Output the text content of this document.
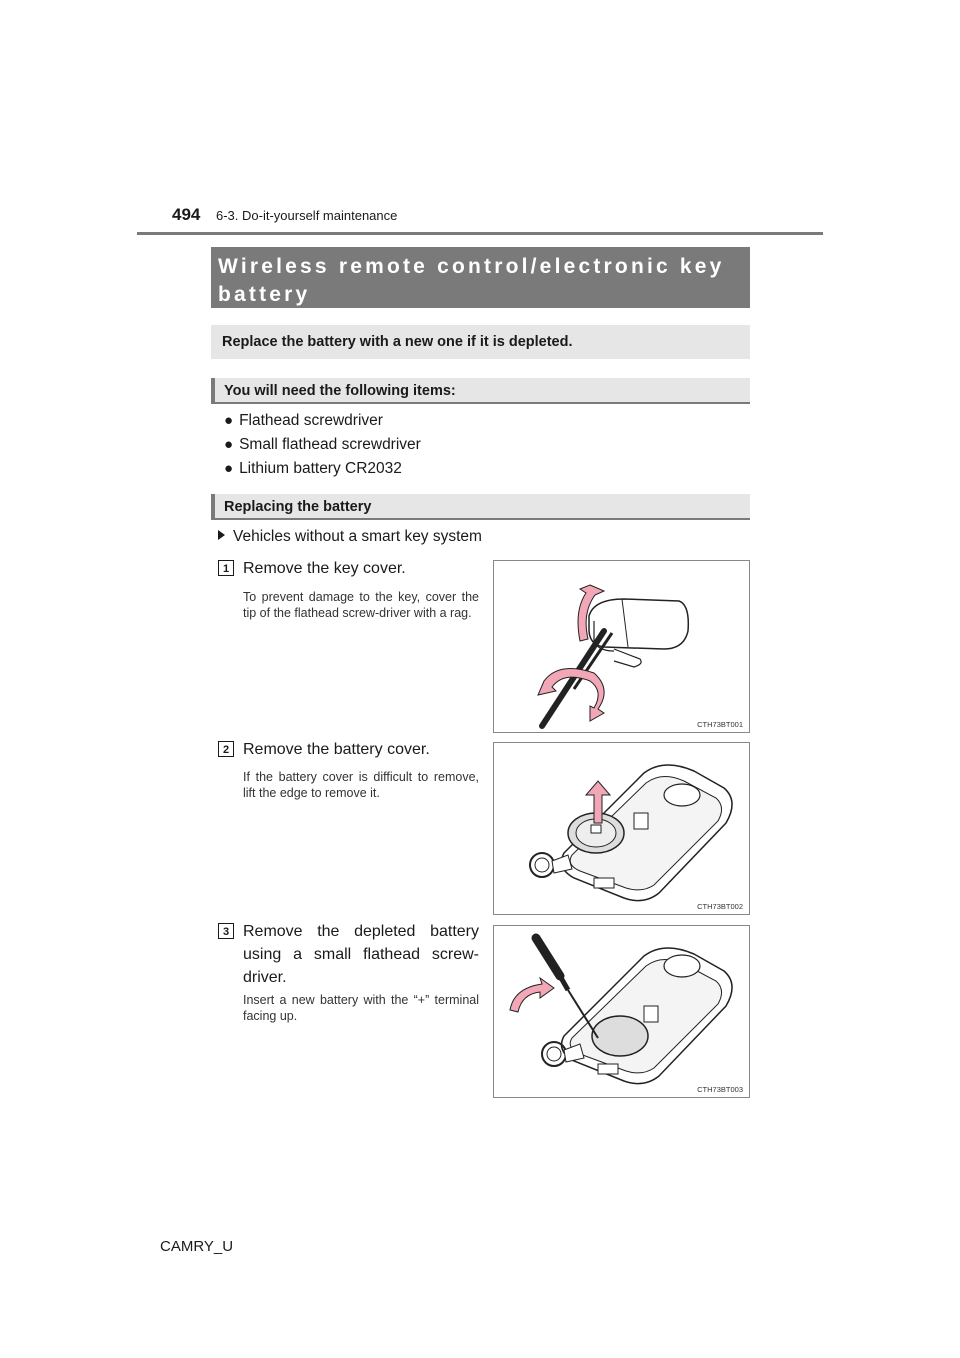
494 6-3. Do-it-yourself maintenance
Wireless remote control/electronic key battery
Replace the battery with a new one if it is depleted.
You will need the following items:
● Flathead screwdriver
● Small flathead screwdriver
● Lithium battery CR2032
Replacing the battery
Vehicles without a smart key system
1 Remove the key cover.
To prevent damage to the key, cover the tip of the flathead screw-driver with a rag.
CTH73BT001
2 Remove the battery cover.
If the battery cover is difficult to remove, lift the edge to remove it.
CTH73BT002
3 Remove the depleted battery using a small flathead screw-driver.
Insert a new battery with the “+” terminal facing up.
CTH73BT003
CAMRY_U
